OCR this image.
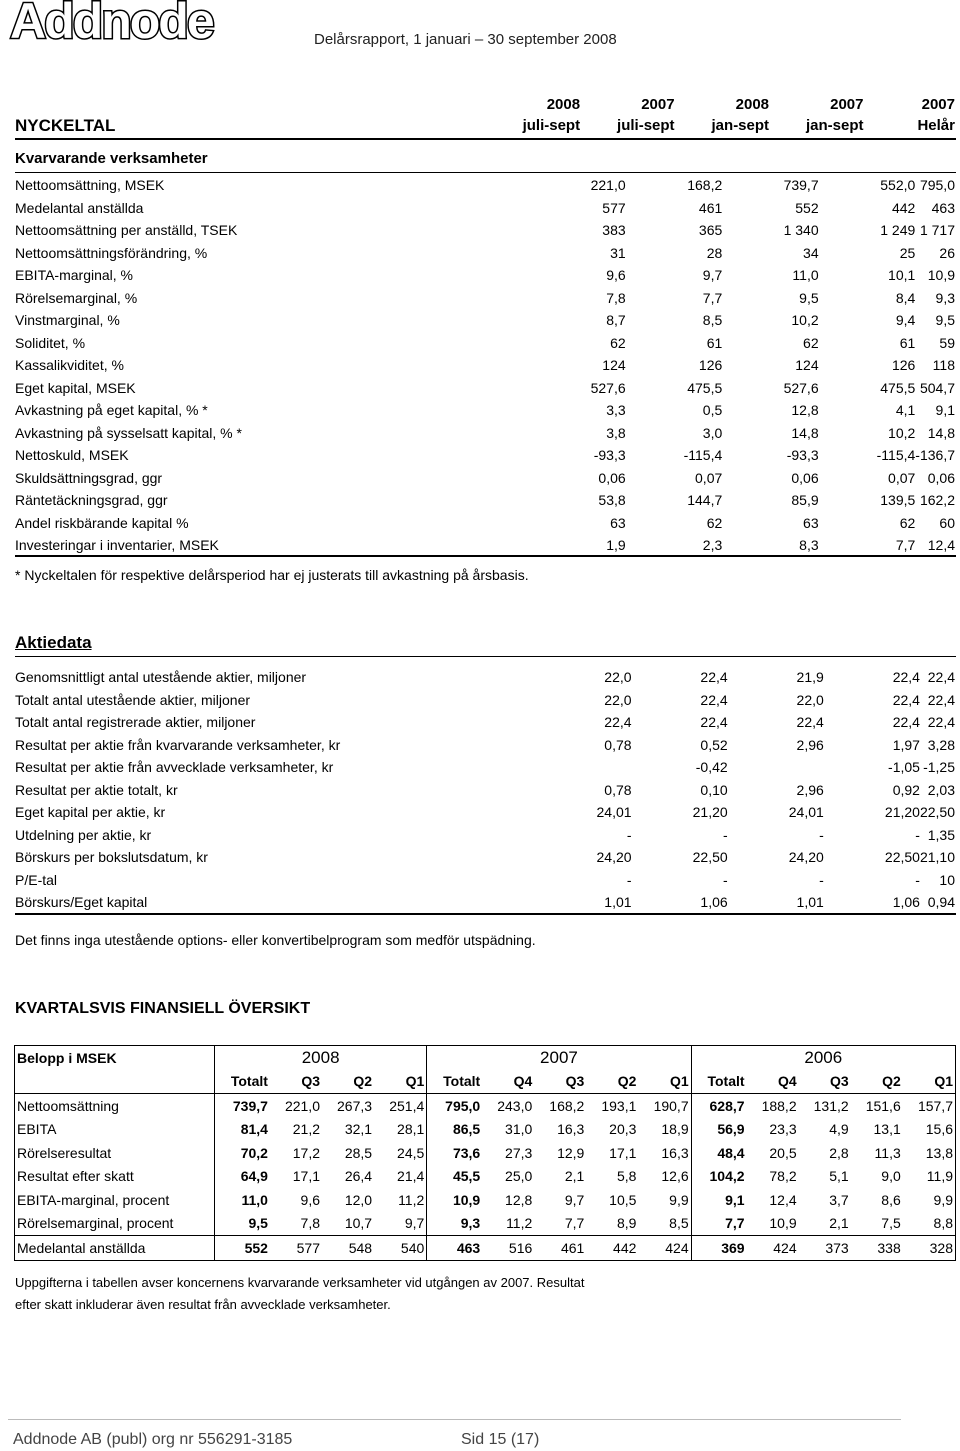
Addnode	Delårsrapport, 1 januari – 30 september 2008
	2008	2007	2008	2007	2007
NYCKELTAL	juli-sept	juli-sept	jan-sept	jan-sept	Helår
Kvarvarande verksamheter
Nettoomsättning, MSEK	221,0	168,2	739,7	552,0	795,0
Medelantal anställda	577	461	552	442	463
Nettoomsättning per anställd, TSEK	383	365	1 340	1 249	1 717
Nettoomsättningsförändring, %	31	28	34	25	26
EBITA-marginal, %	9,6	9,7	11,0	10,1	10,9
Rörelsemarginal, %	7,8	7,7	9,5	8,4	9,3
Vinstmarginal, %	8,7	8,5	10,2	9,4	9,5
Soliditet, %	62	61	62	61	59
Kassalikviditet, %	124	126	124	126	118
Eget kapital, MSEK	527,6	475,5	527,6	475,5	504,7
Avkastning på eget kapital, % *	3,3	0,5	12,8	4,1	9,1
Avkastning på sysselsatt kapital, % *	3,8	3,0	14,8	10,2	14,8
Nettoskuld, MSEK	-93,3	-115,4	-93,3	-115,4	-136,7
Skuldsättningsgrad, ggr	0,06	0,07	0,06	0,07	0,06
Räntetäckningsgrad, ggr	53,8	144,7	85,9	139,5	162,2
Andel riskbärande kapital %	63	62	63	62	60
Investeringar i inventarier, MSEK	1,9	2,3	8,3	7,7	12,4
* Nyckeltalen för respektive delårsperiod har ej justerats till avkastning på årsbasis.
Aktiedata
Genomsnittligt antal utestående aktier, miljoner	22,0	22,4	21,9	22,4	22,4
Totalt antal utestående aktier, miljoner	22,0	22,4	22,0	22,4	22,4
Totalt antal registrerade aktier, miljoner	22,4	22,4	22,4	22,4	22,4
Resultat per aktie från kvarvarande verksamheter, kr	0,78	0,52	2,96	1,97	3,28
Resultat per aktie från avvecklade verksamheter, kr		-0,42		-1,05	-1,25
Resultat per aktie totalt, kr	0,78	0,10	2,96	0,92	2,03
Eget kapital per aktie, kr	24,01	21,20	24,01	21,20	22,50
Utdelning per aktie, kr	-	-	-	-	1,35
Börskurs per bokslutsdatum, kr	24,20	22,50	24,20	22,50	21,10
P/E-tal	-	-	-	-	10
Börskurs/Eget kapital	1,01	1,06	1,01	1,06	0,94
Det finns inga utestående options- eller konvertibelprogram som medför utspädning.
KVARTALSVIS FINANSIELL ÖVERSIKT
Belopp i MSEK	2008				2007					2006				
	Totalt	Q3	Q2	Q1	Totalt	Q4	Q3	Q2	Q1	Totalt	Q4	Q3	Q2	Q1
Nettoomsättning	739,7	221,0	267,3	251,4	795,0	243,0	168,2	193,1	190,7	628,7	188,2	131,2	151,6	157,7
EBITA	81,4	21,2	32,1	28,1	86,5	31,0	16,3	20,3	18,9	56,9	23,3	4,9	13,1	15,6
Rörelseresultat	70,2	17,2	28,5	24,5	73,6	27,3	12,9	17,1	16,3	48,4	20,5	2,8	11,3	13,8
Resultat efter skatt	64,9	17,1	26,4	21,4	45,5	25,0	2,1	5,8	12,6	104,2	78,2	5,1	9,0	11,9
EBITA-marginal, procent	11,0	9,6	12,0	11,2	10,9	12,8	9,7	10,5	9,9	9,1	12,4	3,7	8,6	9,9
Rörelsemarginal, procent	9,5	7,8	10,7	9,7	9,3	11,2	7,7	8,9	8,5	7,7	10,9	2,1	7,5	8,8
Medelantal anställda	552	577	548	540	463	516	461	442	424	369	424	373	338	328
Uppgifterna i tabellen avser koncernens kvarvarande verksamheter vid utgången av 2007. Resultat
efter skatt inkluderar även resultat från avvecklade verksamheter.
Addnode AB (publ) org nr 556291-3185	Sid 15 (17)
